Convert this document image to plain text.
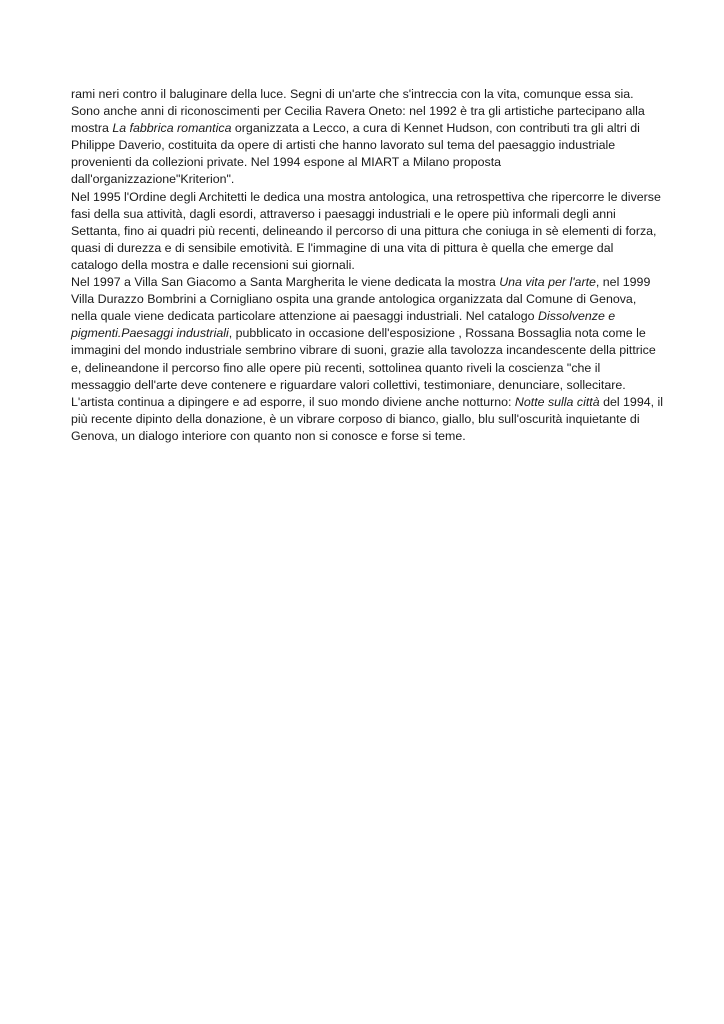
rami neri contro il baluginare della luce. Segni di un'arte che s'intreccia con la vita, comunque essa sia. Sono anche anni di riconoscimenti per Cecilia Ravera Oneto: nel 1992 è tra gli artistiche partecipano alla mostra La fabbrica romantica organizzata a Lecco, a cura di Kennet Hudson, con contributi tra gli altri di Philippe Daverio, costituita da opere di artisti che hanno lavorato sul tema del paesaggio industriale provenienti da collezioni private. Nel 1994 espone al MIART a Milano proposta dall'organizzazione"Kriterion".

Nel 1995 l'Ordine degli Architetti le dedica una mostra antologica, una retrospettiva che ripercorre le diverse fasi della sua attività, dagli esordi, attraverso i paesaggi industriali e le opere più informali degli anni Settanta, fino ai quadri più recenti, delineando il percorso di una pittura che coniuga in sè elementi di forza, quasi di durezza e di sensibile emotività. E l'immagine di una vita di pittura è quella che emerge dal catalogo della mostra e dalle recensioni sui giornali.

Nel 1997 a Villa San Giacomo a Santa Margherita le viene dedicata la mostra Una vita per l'arte, nel 1999 Villa Durazzo Bombrini a Cornigliano ospita una grande antologica organizzata dal Comune di Genova, nella quale viene dedicata particolare attenzione ai paesaggi industriali. Nel catalogo Dissolvenze e pigmenti.Paesaggi industriali, pubblicato in occasione dell'esposizione , Rossana Bossaglia nota come le immagini del mondo industriale sembrino vibrare di suoni, grazie alla tavolozza incandescente della pittrice e, delineandone il percorso fino alle opere più recenti, sottolinea quanto riveli la coscienza "che il messaggio dell'arte deve contenere e riguardare valori collettivi, testimoniare, denunciare, sollecitare.

L'artista continua a dipingere e ad esporre, il suo mondo diviene anche notturno: Notte sulla città del 1994, il più recente dipinto della donazione, è un vibrare corposo di bianco, giallo, blu sull'oscurità inquietante di Genova, un dialogo interiore con quanto non si conosce e forse si teme.
